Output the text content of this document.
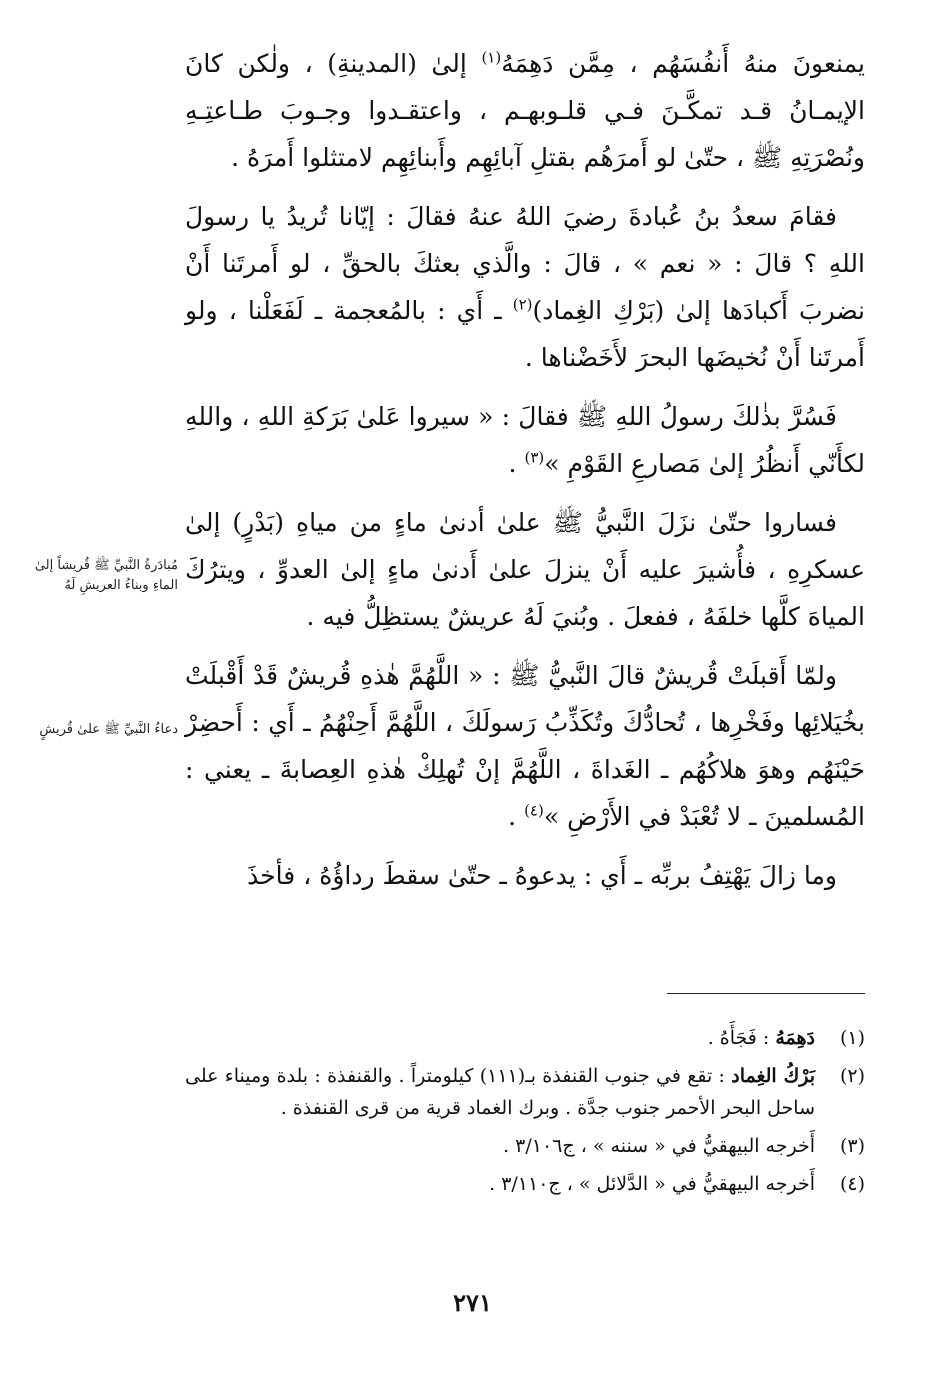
يمنعونَ منهُ أَنفُسَهُم ، مِمَّن دَهِمَهُ$^{(١)}$ إلىٰ (المدينةِ) ، ولٰكن كانَ الإيمـانُ قـد تمكَّـنَ فـي قلـوبهـم ، واعتقـدوا وجـوبَ طـاعتِـهِ ونُصْرَتِهِ ﷺ ، حتّىٰ لو أَمرَهُم بقتلِ آبائِهِم وأَبنائِهِم لامتثلوا أَمرَهُ .

فقامَ سعدُ بنُ عُبادةَ رضيَ اللهُ عنهُ فقالَ : إيّانا تُريدُ يا رسولَ اللهِ ؟ قالَ : « نعم » ، قالَ : والَّذي بعثكَ بالحقِّ ، لو أَمرتَنا أَنْ نضربَ أَكبادَها إلىٰ (بَرْكِ الغِماد)$^{(٢)}$ ـ أَي : بالمُعجمة ـ لَفَعَلْنا ، ولو أَمرتَنا أَنْ نُخيضَها البحرَ لأَخَضْناها .

فَسُرَّ بذٰلكَ رسولُ اللهِ ﷺ فقالَ : « سيروا عَلىٰ بَرَكةِ اللهِ ، واللهِ لكأَنّي أَنظُرُ إلىٰ مَصارعِ القَوْمِ »$^{(٣)}$ .

فساروا حتّىٰ نزَلَ النَّبيُّ ﷺ علىٰ أدنىٰ ماءٍ من مياهِ (بَدْرٍ) إلىٰ عسكرِهِ ، فأُشيرَ عليه أَنْ ينزلَ علىٰ أَدنىٰ ماءٍ إلىٰ العدوِّ ، ويترُكَ المياهَ كلَّها خلفَهُ ، ففعلَ . وبُنيَ لَهُ عريشٌ يستظِلُّ فيه .

ولمّا أَقبلَتْ قُريشٌ قالَ النَّبيُّ ﷺ : « اللَّهُمَّ هٰذهِ قُريشٌ قَدْ أَقْبلَتْ بخُيَلائِها وفَخْرِها ، تُحادُّكَ وتُكَذِّبُ رَسولَكَ ، اللَّهُمَّ أَحِنْهُمُ ـ أَي : أَحضِرْ حَيْنَهُم وهوَ هلاكُهُم ـ الغَداةَ ، اللَّهُمَّ إنْ تُهلِكْ هٰذهِ العِصابةَ ـ يعني : المُسلمينَ ـ لا تُعْبَدْ في الأَرْضِ »$^{(٤)}$ .

وما زالَ يَهْتِفُ بربِّه ـ أَي : يدعوهُ ـ حتّىٰ سقطَ رداؤُهُ ، فأخذَ

مُبادَرةُ النَّبيِّ ﷺ قُريشاً إلىٰ الماءِ وبناءُ العريشِ لَهُ
دعاءُ النَّبيِّ ﷺ علىٰ قُريشٍ
(١)
دَهِمَهُ : فَجَأَهُ .
(٢)
بَرْكُ الغِماد : تقع في جنوب القنفذة بـ(١١١) كيلومتراً . والقنفذة : بلدة وميناء على ساحل البحر الأحمر جنوب جدَّة . وبرك الغماد قرية من قرى القنفذة .
(٣)
أَخرجه البيهقيُّ في « سننه » ، ج٣/١٠٦ .
(٤)
أَخرجه البيهقيُّ في « الدَّلائل » ، ج٣/١١٠ .
٢٧١
